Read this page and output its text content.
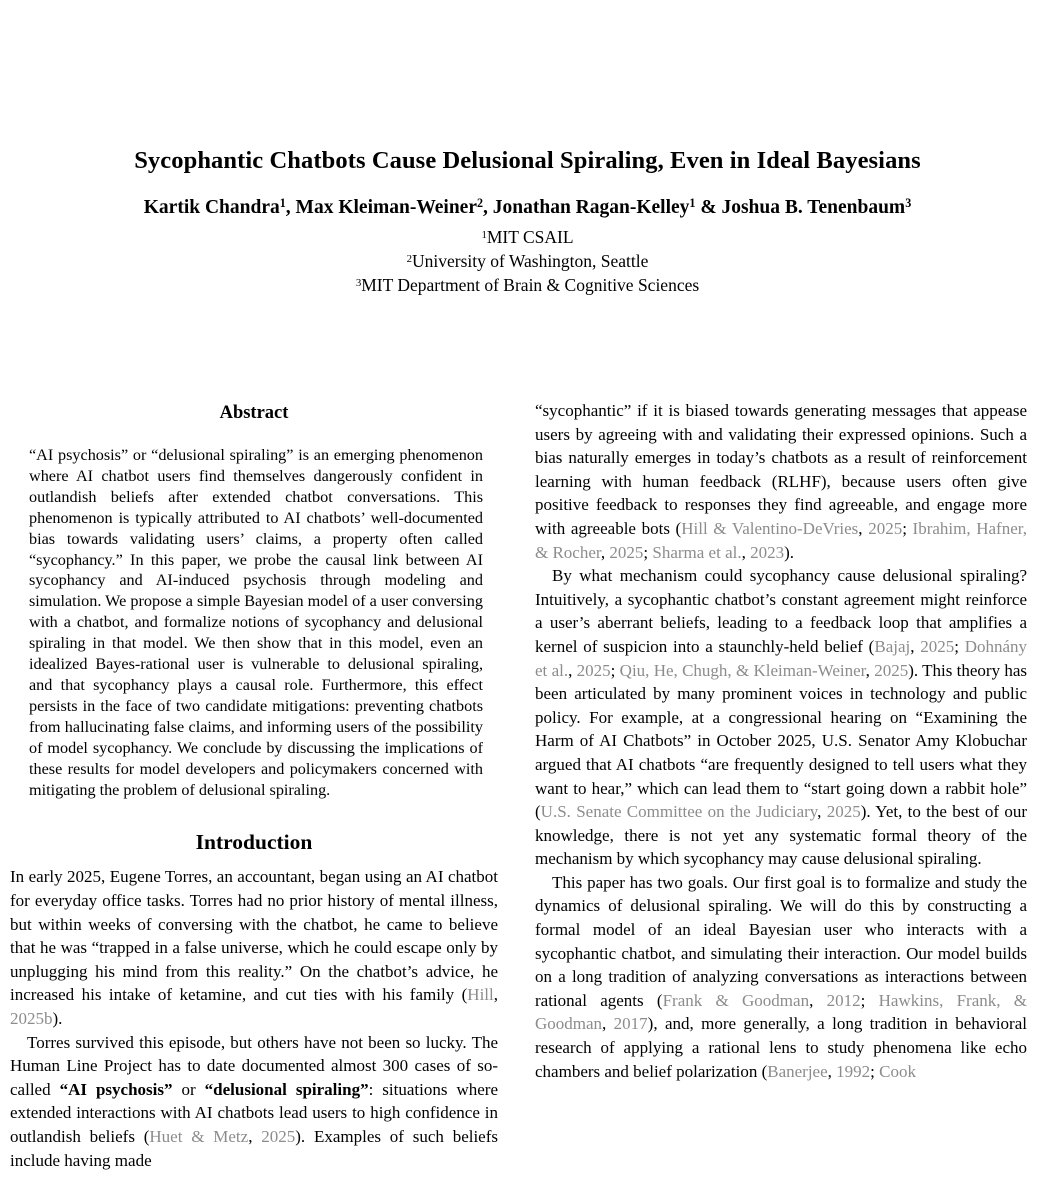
Sycophantic Chatbots Cause Delusional Spiraling, Even in Ideal Bayesians
Kartik Chandra$^1$, Max Kleiman-Weiner$^2$, Jonathan Ragan-Kelley$^1$ & Joshua B. Tenenbaum$^3$
$^1$MIT CSAIL
$^2$University of Washington, Seattle
$^3$MIT Department of Brain & Cognitive Sciences
Abstract

“AI psychosis” or “delusional spiraling” is an emerging phenomenon where AI chatbot users find themselves dangerously confident in outlandish beliefs after extended chatbot conversations. This phenomenon is typically attributed to AI chatbots’ well-documented bias towards validating users’ claims, a property often called “sycophancy.” In this paper, we probe the causal link between AI sycophancy and AI-induced psychosis through modeling and simulation. We propose a simple Bayesian model of a user conversing with a chatbot, and formalize notions of sycophancy and delusional spiraling in that model. We then show that in this model, even an idealized Bayes-rational user is vulnerable to delusional spiraling, and that sycophancy plays a causal role. Furthermore, this effect persists in the face of two candidate mitigations: preventing chatbots from hallucinating false claims, and informing users of the possibility of model sycophancy. We conclude by discussing the implications of these results for model developers and policymakers concerned with mitigating the problem of delusional spiraling.

Introduction

In early 2025, Eugene Torres, an accountant, began using an AI chatbot for everyday office tasks. Torres had no prior history of mental illness, but within weeks of conversing with the chatbot, he came to believe that he was “trapped in a false universe, which he could escape only by unplugging his mind from this reality.” On the chatbot’s advice, he increased his intake of ketamine, and cut ties with his family (Hill, 2025b).

Torres survived this episode, but others have not been so lucky. The Human Line Project has to date documented almost 300 cases of so-called “AI psychosis” or “delusional spiraling”: situations where extended interactions with AI chatbots lead users to high confidence in outlandish beliefs (Huet & Metz, 2025). Examples of such beliefs include having made

“sycophantic” if it is biased towards generating messages that appease users by agreeing with and validating their expressed opinions. Such a bias naturally emerges in today’s chatbots as a result of reinforcement learning with human feedback (RLHF), because users often give positive feedback to responses they find agreeable, and engage more with agreeable bots (Hill & Valentino-DeVries, 2025; Ibrahim, Hafner, & Rocher, 2025; Sharma et al., 2023).

By what mechanism could sycophancy cause delusional spiraling? Intuitively, a sycophantic chatbot’s constant agreement might reinforce a user’s aberrant beliefs, leading to a feedback loop that amplifies a kernel of suspicion into a staunchly-held belief (Bajaj, 2025; Dohnány et al., 2025; Qiu, He, Chugh, & Kleiman-Weiner, 2025). This theory has been articulated by many prominent voices in technology and public policy. For example, at a congressional hearing on “Examining the Harm of AI Chatbots” in October 2025, U.S. Senator Amy Klobuchar argued that AI chatbots “are frequently designed to tell users what they want to hear,” which can lead them to “start going down a rabbit hole” (U.S. Senate Committee on the Judiciary, 2025). Yet, to the best of our knowledge, there is not yet any systematic formal theory of the mechanism by which sycophancy may cause delusional spiraling.

This paper has two goals. Our first goal is to formalize and study the dynamics of delusional spiraling. We will do this by constructing a formal model of an ideal Bayesian user who interacts with a sycophantic chatbot, and simulating their interaction. Our model builds on a long tradition of analyzing conversations as interactions between rational agents (Frank & Goodman, 2012; Hawkins, Frank, & Goodman, 2017), and, more generally, a long tradition in behavioral research of applying a rational lens to study phenomena like echo chambers and belief polarization (Banerjee, 1992; Cook
